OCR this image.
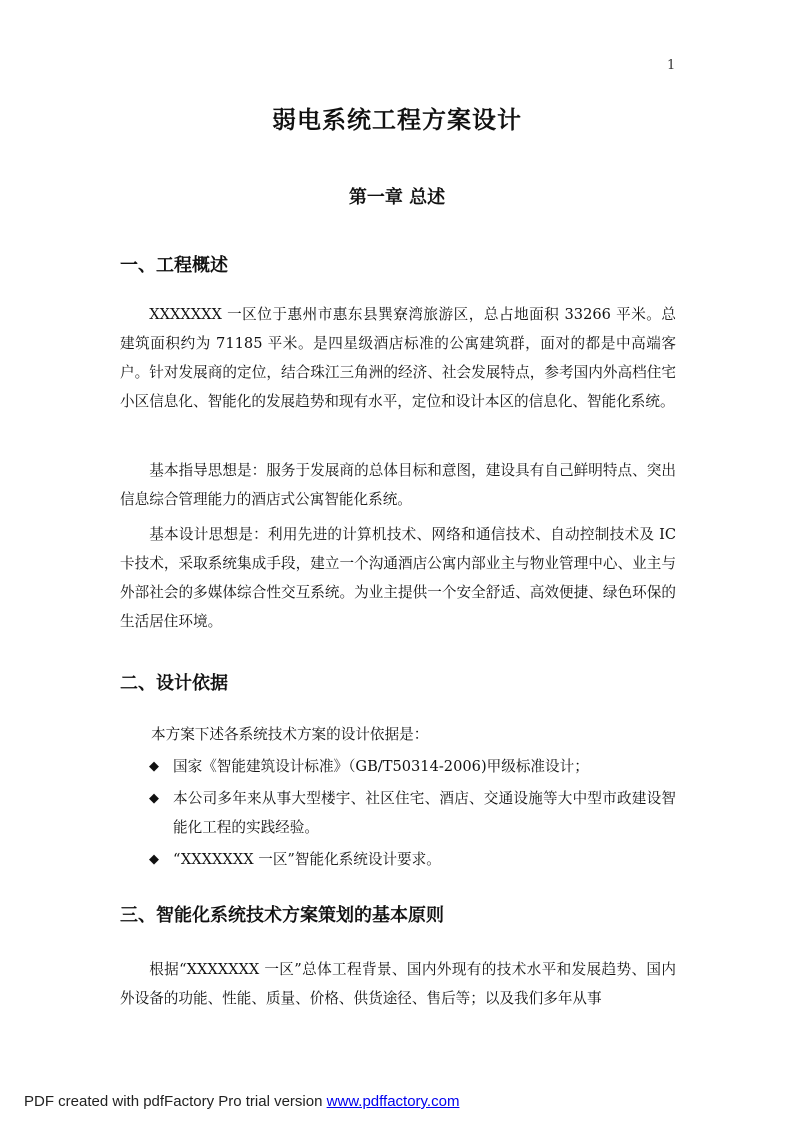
1
弱电系统工程方案设计
第一章 总述
一、工程概述

XXXXXXX 一区位于惠州市惠东县巽寮湾旅游区，总占地面积 33266 平米。总建筑面积约为 71185 平米。是四星级酒店标准的公寓建筑群，面对的都是中高端客户。针对发展商的定位，结合珠江三角洲的经济、社会发展特点，参考国内外高档住宅小区信息化、智能化的发展趋势和现有水平，定位和设计本区的信息化、智能化系统。

基本指导思想是：服务于发展商的总体目标和意图，建设具有自己鲜明特点、突出信息综合管理能力的酒店式公寓智能化系统。

基本设计思想是：利用先进的计算机技术、网络和通信技术、自动控制技术及 IC 卡技术，采取系统集成手段，建立一个沟通酒店公寓内部业主与物业管理中心、业主与外部社会的多媒体综合性交互系统。为业主提供一个安全舒适、高效便捷、绿色环保的生活居住环境。

二、设计依据

本方案下述各系统技术方案的设计依据是：

◆ 国家《智能建筑设计标准》（GB/T50314-2006)甲级标准设计；
◆ 本公司多年来从事大型楼宇、社区住宅、酒店、交通设施等大中型市政建设智能化工程的实践经验。
◆ “XXXXXXX 一区”智能化系统设计要求。
三、智能化系统技术方案策划的基本原则

根据“XXXXXXX 一区”总体工程背景、国内外现有的技术水平和发展趋势、国内外设备的功能、性能、质量、价格、供货途径、售后等；以及我们多年从事

PDF created with pdfFactory Pro trial version www.pdffactory.com
